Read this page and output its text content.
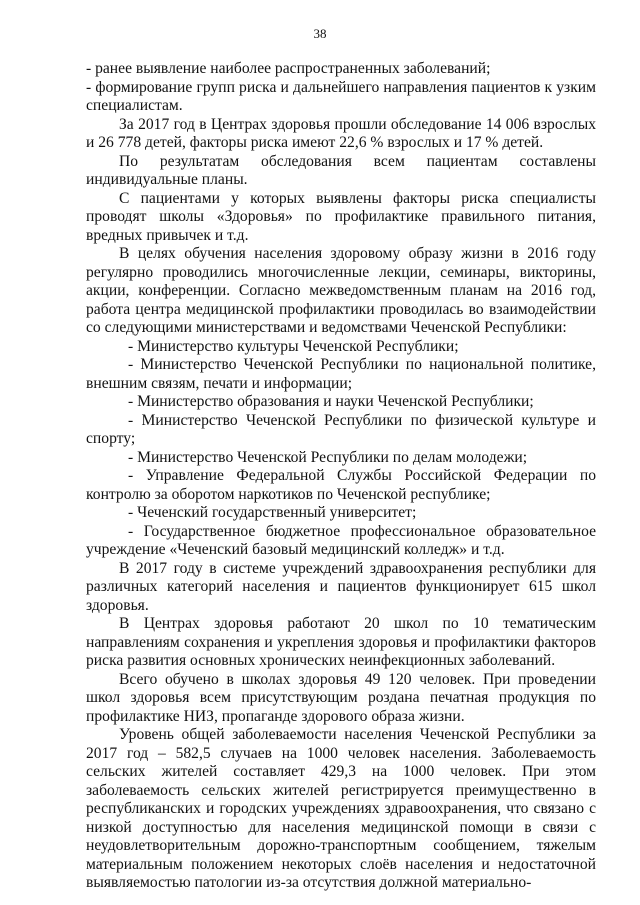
38

- ранее выявление наиболее распространенных заболеваний;

- формирование групп риска и дальнейшего направления пациентов к узким специалистам.

За 2017 год в Центрах здоровья прошли обследование 14 006 взрослых и 26 778 детей, факторы риска имеют 22,6 % взрослых и 17 % детей.

По результатам обследования всем пациентам составлены индивидуальные планы.

С пациентами у которых выявлены факторы риска специалисты проводят школы «Здоровья» по профилактике правильного питания, вредных привычек и т.д.

В целях обучения населения здоровому образу жизни в 2016 году регулярно проводились многочисленные лекции, семинары, викторины, акции, конференции. Согласно межведомственным планам на 2016 год, работа центра медицинской профилактики проводилась во взаимодействии со следующими министерствами и ведомствами Чеченской Республики:

- Министерство культуры Чеченской Республики;

- Министерство Чеченской Республики по национальной политике, внешним связям, печати и информации;

- Министерство образования и науки Чеченской Республики;

- Министерство Чеченской Республики по физической культуре и спорту;

- Министерство Чеченской Республики по делам молодежи;

- Управление Федеральной Службы Российской Федерации по контролю за оборотом наркотиков по Чеченской республике;

- Чеченский государственный университет;

- Государственное бюджетное профессиональное образовательное учреждение «Чеченский базовый медицинский колледж» и т.д.

В 2017 году в системе учреждений здравоохранения республики для различных категорий населения и пациентов функционирует 615 школ здоровья.

В Центрах здоровья работают 20 школ по 10 тематическим направлениям сохранения и укрепления здоровья и профилактики факторов риска развития основных хронических неинфекционных заболеваний.

Всего обучено в школах здоровья 49 120 человек. При проведении школ здоровья всем присутствующим роздана печатная продукция по профилактике НИЗ, пропаганде здорового образа жизни.

Уровень общей заболеваемости населения Чеченской Республики за 2017 год – 582,5 случаев на 1000 человек населения. Заболеваемость сельских жителей составляет 429,3 на 1000 человек. При этом заболеваемость сельских жителей регистрируется преимущественно в республиканских и городских учреждениях здравоохранения, что связано с низкой доступностью для населения медицинской помощи в связи с неудовлетворительным дорожно-транспортным сообщением, тяжелым материальным положением некоторых слоёв населения и недостаточной выявляемостью патологии из-за отсутствия должной материально-
